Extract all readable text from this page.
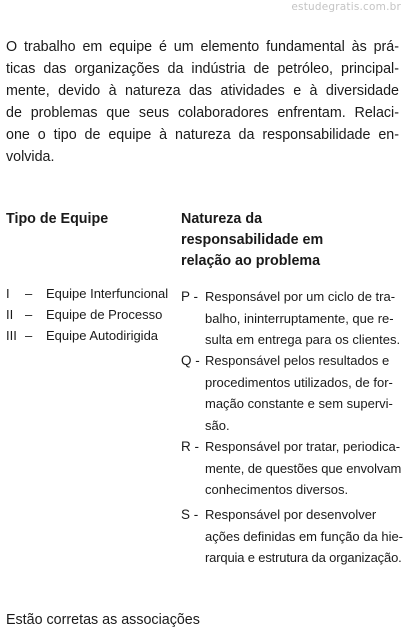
estudegratis.com.br
O trabalho em equipe é um elemento fundamental às prá-
ticas das organizações da indústria de petróleo, principal-
mente, devido à natureza das atividades e à diversidade
de problemas que seus colaboradores enfrentam. Relaci-
one o tipo de equipe à natureza da responsabilidade en-
volvida.
Tipo de Equipe	Natureza da
responsabilidade em
relação ao problema
I	–	Equipe Interfuncional
II –	Equipe de Processo
III –	Equipe Autodirigida
P - Responsável por um ciclo de tra-
balho, ininterruptamente, que re-
sulta em entrega para os clientes.
Q - Responsável pelos resultados e
procedimentos utilizados, de for-
mação constante e sem supervi-
são.
R - Responsável por tratar, periodica-
mente, de questões que envolvam
conhecimentos diversos.
S - Responsável por desenvolver
ações definidas em função da hie-
rarquia e estrutura da organização.
Estão corretas as associações
